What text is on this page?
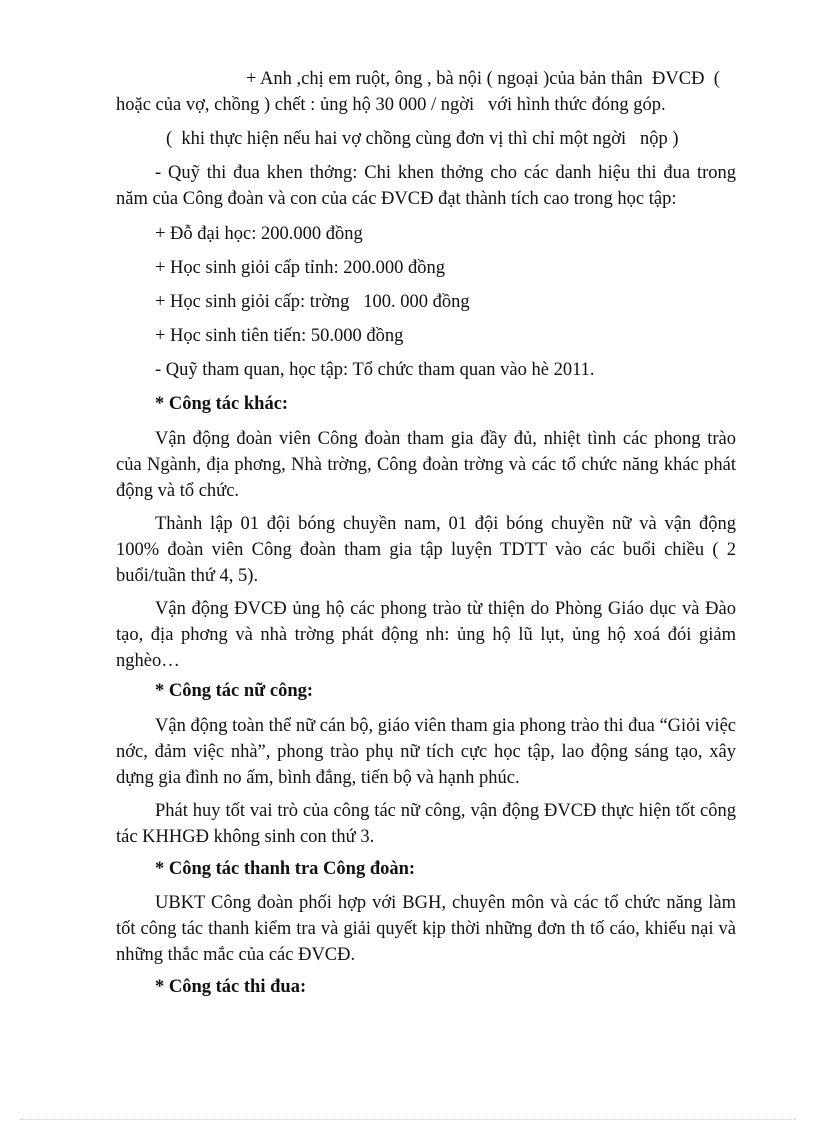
+ Anh ,chị em ruột, ông , bà nội ( ngoại )của bản thân  ĐVCĐ  (
hoặc của vợ, chồng ) chết : ủng hộ 30 000 / ngời   với hình thức đóng góp.
(  khi thực hiện nếu hai vợ chồng cùng đơn vị thì chỉ một ngời   nộp )

- Quỹ thi đua khen thởng: Chi khen thởng cho các danh hiệu thi đua trong năm của Công đoàn và con của các ĐVCĐ đạt thành tích cao trong học tập:

+ Đỗ đại học: 200.000 đồng
+ Học sinh giỏi cấp tỉnh: 200.000 đồng
+ Học sinh giỏi cấp: trờng   100. 000 đồng
+ Học sinh tiên tiến: 50.000 đồng
- Quỹ tham quan, học tập: Tổ chức tham quan vào hè 2011.
* Công tác khác:

Vận động đoàn viên Công đoàn tham gia đầy đủ, nhiệt tình các phong trào của Ngành, địa phơng, Nhà trờng, Công đoàn trờng và các tổ chức năng khác phát động và tổ chức.

Thành lập 01 đội bóng chuyền nam, 01 đội bóng chuyền nữ và vận động 100% đoàn viên Công đoàn tham gia tập luyện TDTT vào các buổi chiều ( 2 buổi/tuần thứ 4, 5).

Vận động ĐVCĐ ủng hộ các phong trào từ thiện do Phòng Giáo dục và Đào tạo, địa phơng và nhà trờng phát động nh: ủng hộ lũ lụt, ủng hộ xoá đói giảm nghèo…

* Công tác nữ công:

Vận động toàn thể nữ cán bộ, giáo viên tham gia phong trào thi đua “Giỏi việc nớc, đảm việc nhà”, phong trào phụ nữ tích cực học tập, lao động sáng tạo, xây dựng gia đình no ấm, bình đẳng, tiến bộ và hạnh phúc.

Phát huy tốt vai trò của công tác nữ công, vận động ĐVCĐ thực hiện tốt công tác KHHGĐ không sinh con thứ 3.

* Công tác thanh tra Công đoàn:

UBKT Công đoàn phối hợp với BGH, chuyên môn và các tổ chức năng làm tốt công tác thanh kiểm tra và giải quyết kịp thời những đơn th tố cáo, khiếu nại và những thắc mắc của các ĐVCĐ.

* Công tác thi đua:
